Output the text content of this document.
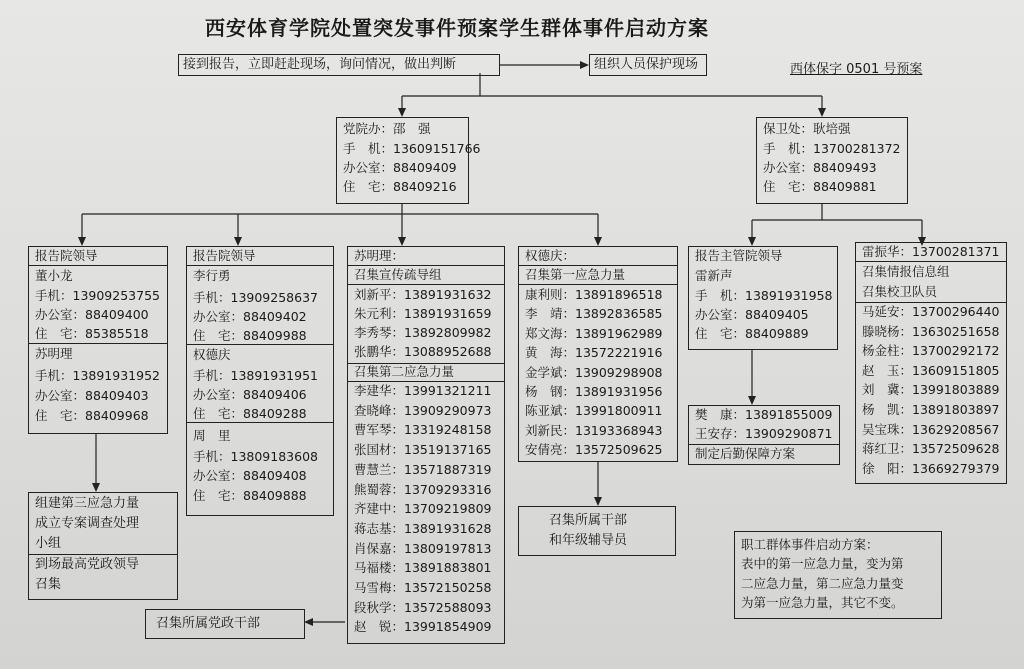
西安体育学院处置突发事件预案学生群体事件启动方案
西体保字 0501 号预案
接到报告，立即赶赴现场，询问情况，做出判断	组织人员保护现场
党院办：邵　强
手　机：13609151766
办公室：88409409
住　宅：88409216
保卫处：耿培强
手　机：13700281372
办公室：88409493
住　宅：88409881
报告院领导
董小龙
手机：13909253755
办公室：88409400
住　宅：85385518
苏明理
手机：13891931952
办公室：88409403
住　宅：88409968
组建第三应急力量
成立专案调查处理
小组
到场最高党政领导
召集
报告院领导
李行勇
手机：13909258637
办公室：88409402
住　宅：88409988
权德庆
手机：13891931951
办公室：88409406
住　宅：88409288
周　里
手机：13809183608
办公室：88409408
住　宅：88409888
苏明理：
召集宣传疏导组
召集第二应急力量
刘新平：13891931632
朱元利：13891931659
李秀琴：13892809982
张鹏华：13088952688
李建华：13991321211
查晓峰：13909290973
曹军琴：13319248158
张国材：13519137165
曹慧兰：13571887319
熊蜀蓉：13709293316
齐建中：13709219809
蒋志基：13891931628
肖保嘉：13809197813
马福楼：13891883801
马雪梅：13572150258
段秋学：13572588093
赵　锐：13991854909
召集所属党政干部
权德庆：
召集第一应急力量
康利则：13891896518
李　靖：13892836585
郑文海：13891962989
黄　海：13572221916
金学斌：13909298908
杨　钢：13891931956
陈亚斌：13991800911
刘新民：13193368943
安倩亮：13572509625
召集所属干部
和年级辅导员
报告主管院领导
雷新声
手　机：13891931958
办公室：88409405
住　宅：88409889
樊　康：13891855009
王安存：13909290871
制定后勤保障方案
雷振华：13700281371
召集情报信息组
召集校卫队员
马延安：13700296440
滕晓杨：13630251658
杨金柱：13700292172
赵　玉：13609151805
刘　冀：13991803889
杨　凯：13891803897
吴宝珠：13629208567
蒋红卫：13572509628
徐　阳：13669279379
职工群体事件启动方案：
表中的第一应急力量，变为第
二应急力量，第二应急力量变
为第一应急力量，其它不变。
